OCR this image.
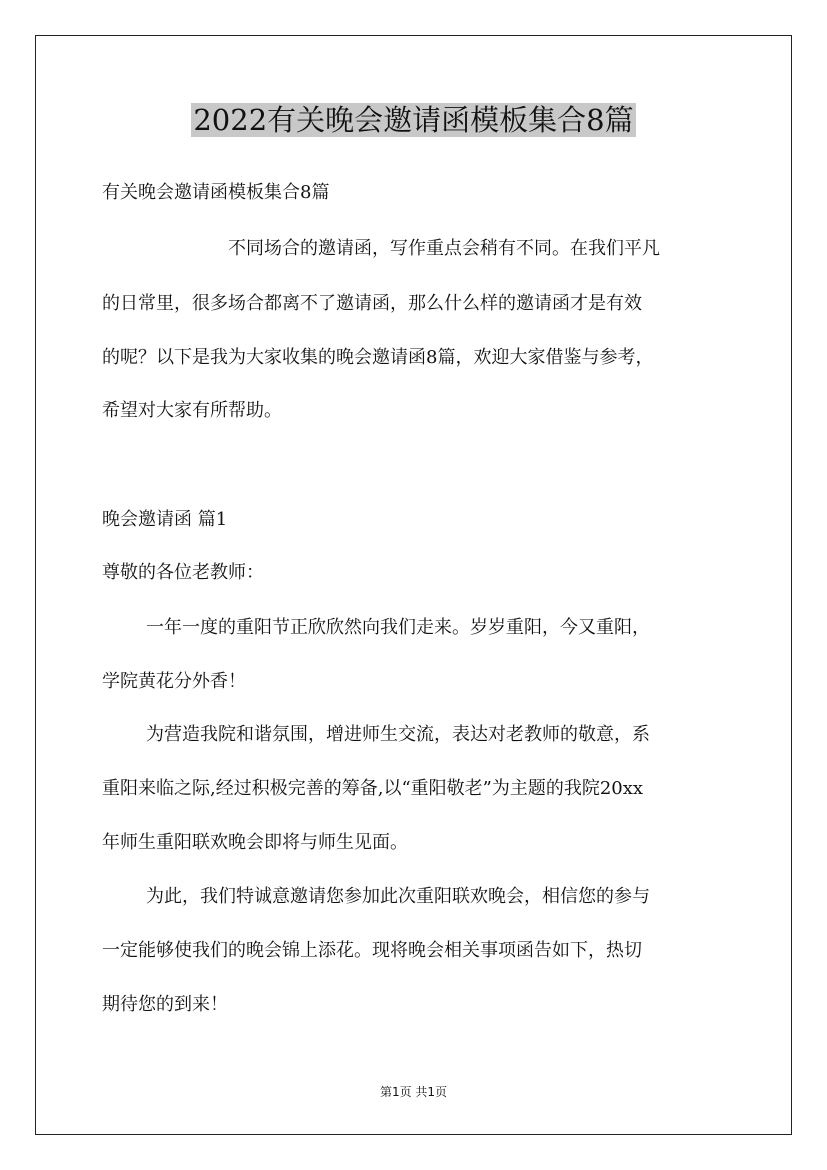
2022有关晚会邀请函模板集合8篇
有关晚会邀请函模板集合8篇
不同场合的邀请函，写作重点会稍有不同。在我们平凡
的日常里，很多场合都离不了邀请函，那么什么样的邀请函才是有效
的呢？以下是我为大家收集的晚会邀请函8篇，欢迎大家借鉴与参考，
希望对大家有所帮助。
晚会邀请函 篇1
尊敬的各位老教师：
一年一度的重阳节正欣欣然向我们走来。岁岁重阳，今又重阳，
学院黄花分外香！
为营造我院和谐氛围，增进师生交流，表达对老教师的敬意，系
重阳来临之际,经过积极完善的筹备,以“重阳敬老”为主题的我院20xx
年师生重阳联欢晚会即将与师生见面。
为此，我们特诚意邀请您参加此次重阳联欢晚会，相信您的参与
一定能够使我们的晚会锦上添花。现将晚会相关事项函告如下，热切
期待您的到来！
第1页 共1页
